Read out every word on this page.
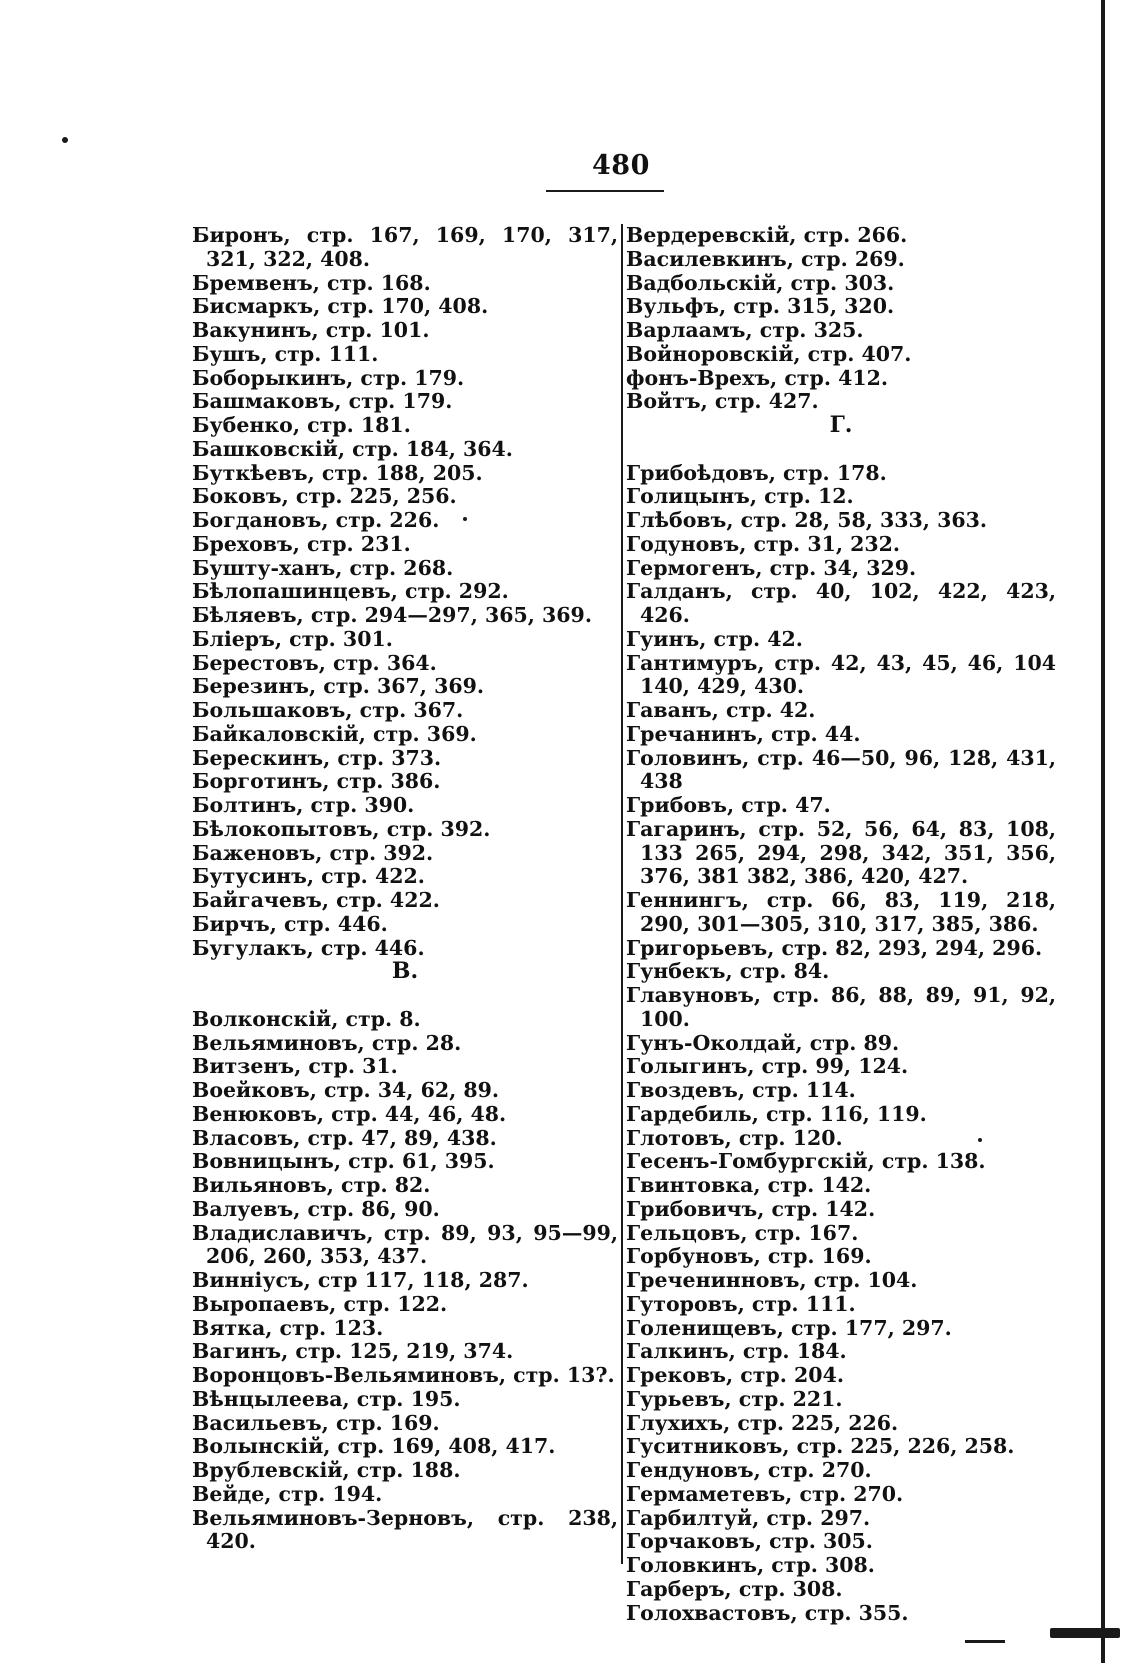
480
Биронъ, стр. 167, 169, 170, 317, 321, 322, 408.
Бремвенъ, стр. 168.
Бисмаркъ, стр. 170, 408.
Вакунинъ, стр. 101.
Бушъ, стр. 111.
Боборыкинъ, стр. 179.
Башмаковъ, стр. 179.
Бубенко, стр. 181.
Башковскій, стр. 184, 364.
Буткѣевъ, стр. 188, 205.
Боковъ, стр. 225, 256.
Богдановъ, стр. 226.
Бреховъ, стр. 231.
Бушту-ханъ, стр. 268.
Бѣлопашинцевъ, стр. 292.
Бѣляевъ, стр. 294—297, 365, 369.
Бліеръ, стр. 301.
Берестовъ, стр. 364.
Березинъ, стр. 367, 369.
Большаковъ, стр. 367.
Байкаловскій, стр. 369.
Берескинъ, стр. 373.
Борготинъ, стр. 386.
Болтинъ, стр. 390.
Бѣлокопытовъ, стр. 392.
Баженовъ, стр. 392.
Бутусинъ, стр. 422.
Байгачевъ, стр. 422.
Бирчъ, стр. 446.
Бугулакъ, стр. 446.
В.
Волконскій, стр. 8.
Вельяминовъ, стр. 28.
Витзенъ, стр. 31.
Воейковъ, стр. 34, 62, 89.
Венюковъ, стр. 44, 46, 48.
Власовъ, стр. 47, 89, 438.
Вовницынъ, стр. 61, 395.
Вильяновъ, стр. 82.
Валуевъ, стр. 86, 90.
Владиславичъ, стр. 89, 93, 95—99, 206, 260, 353, 437.
Винніусъ, стр 117, 118, 287.
Выропаевъ, стр. 122.
Вятка, стр. 123.
Вагинъ, стр. 125, 219, 374.
Воронцовъ-Вельяминовъ, стр. 13?.
Вѣнцылеева, стр. 195.
Васильевъ, стр. 169.
Волынскій, стр. 169, 408, 417.
Врублевскій, стр. 188.
Вейде, стр. 194.
Вельяминовъ-Зерновъ, стр. 238, 420.
Вердеревскій, стр. 266.
Василевкинъ, стр. 269.
Вадбольскій, стр. 303.
Вульфъ, стр. 315, 320.
Варлаамъ, стр. 325.
Войноровскій, стр. 407.
фонъ-Врехъ, стр. 412.
Войтъ, стр. 427.
Г.
Грибоѣдовъ, стр. 178.
Голицынъ, стр. 12.
Глѣбовъ, стр. 28, 58, 333, 363.
Годуновъ, стр. 31, 232.
Гермогенъ, стр. 34, 329.
Галданъ, стр. 40, 102, 422, 423, 426.
Гуинъ, стр. 42.
Гантимуръ, стр. 42, 43, 45, 46, 104 140, 429, 430.
Гаванъ, стр. 42.
Гречанинъ, стр. 44.
Головинъ, стр. 46—50, 96, 128, 431, 438
Грибовъ, стр. 47.
Гагаринъ, стр. 52, 56, 64, 83, 108, 133 265, 294, 298, 342, 351, 356, 376, 381 382, 386, 420, 427.
Геннингъ, стр. 66, 83, 119, 218, 290, 301—305, 310, 317, 385, 386.
Григорьевъ, стр. 82, 293, 294, 296.
Гунбекъ, стр. 84.
Главуновъ, стр. 86, 88, 89, 91, 92, 100.
Гунъ-Околдай, стр. 89.
Голыгинъ, стр. 99, 124.
Гвоздевъ, стр. 114.
Гардебиль, стр. 116, 119.
Глотовъ, стр. 120.
Гесенъ-Гомбургскій, стр. 138.
Гвинтовка, стр. 142.
Грибовичъ, стр. 142.
Гельцовъ, стр. 167.
Горбуновъ, стр. 169.
Греченинновъ, стр. 104.
Гуторовъ, стр. 111.
Голенищевъ, стр. 177, 297.
Галкинъ, стр. 184.
Грековъ, стр. 204.
Гурьевъ, стр. 221.
Глухихъ, стр. 225, 226.
Гуситниковъ, стр. 225, 226, 258.
Гендуновъ, стр. 270.
Гермаметевъ, стр. 270.
Гарбилтуй, стр. 297.
Горчаковъ, стр. 305.
Головкинъ, стр. 308.
Гарберъ, стр. 308.
Голохвастовъ, стр. 355.
